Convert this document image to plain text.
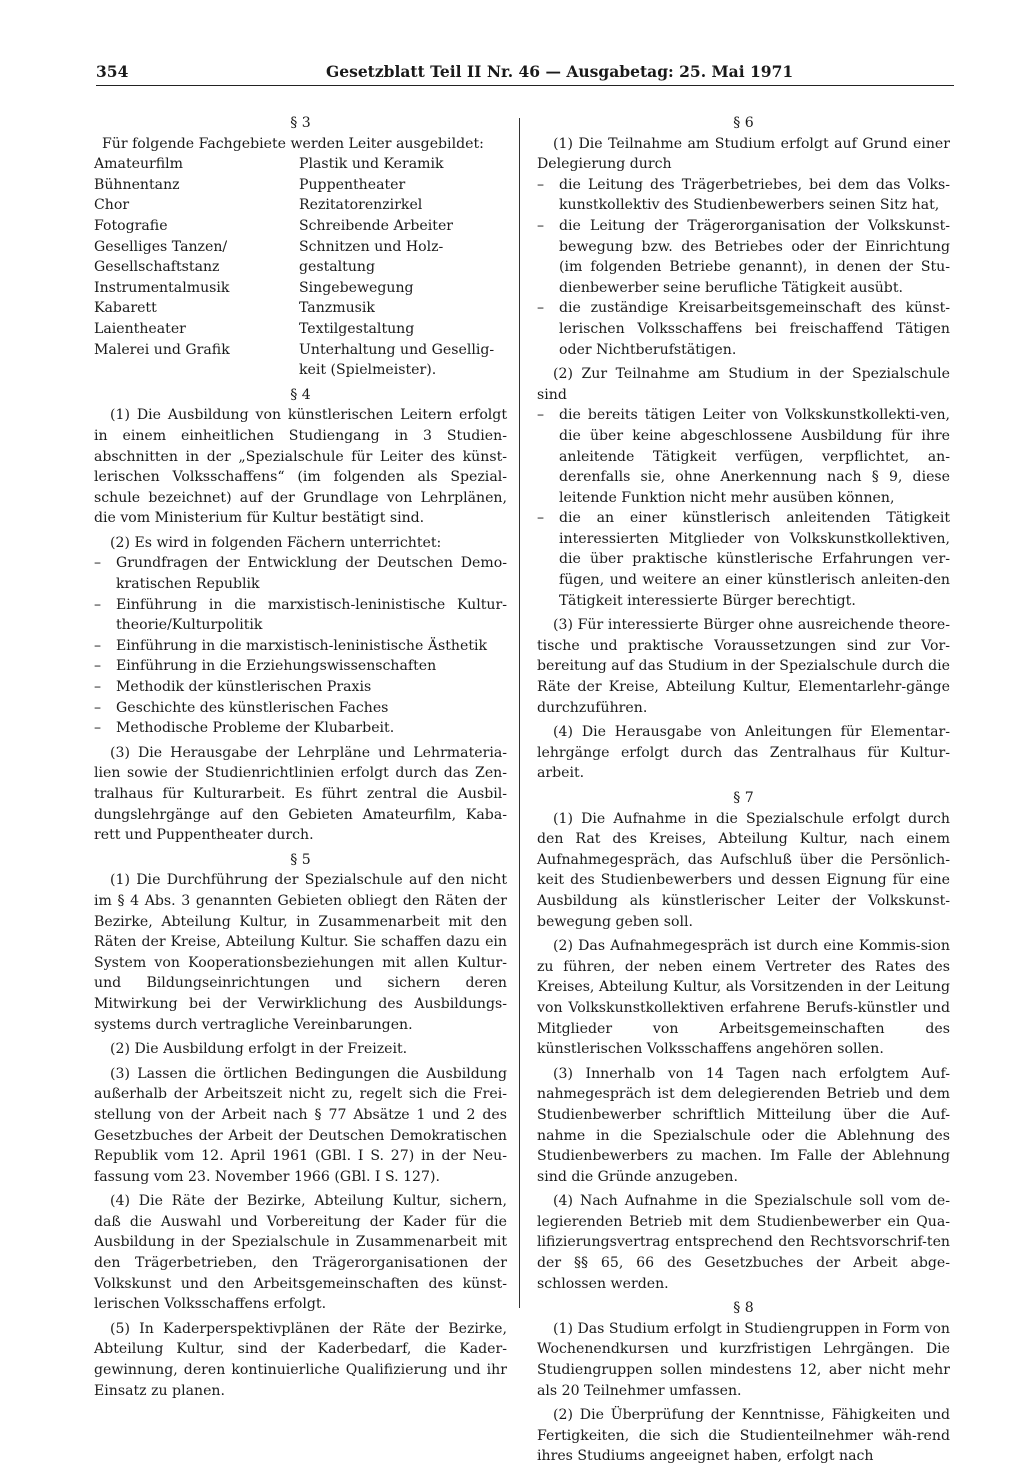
354	Gesetzblatt Teil II Nr. 46 — Ausgabetag: 25. Mai 1971

§ 3

Für folgende Fachgebiete werden Leiter ausgebildet:

Amateurfilm
Bühnentanz
Chor
Fotografie
Geselliges Tanzen/ Gesellschaftstanz
Instrumentalmusik
Kabarett
Laientheater
Malerei und Grafik
Plastik und Keramik
Puppentheater
Rezitatorenzirkel
Schreibende Arbeiter
Schnitzen und Holz-gestaltung
Singebewegung
Tanzmusik
Textilgestaltung
Unterhaltung und Gesellig-keit (Spielmeister).

§ 4

(1) Die Ausbildung von künstlerischen Leitern erfolgt in einem einheitlichen Studiengang in 3 Studien-abschnitten in der „Spezialschule für Leiter des künst-lerischen Volksschaffens“ (im folgenden als Spezial-schule bezeichnet) auf der Grundlage von Lehrplänen, die vom Ministerium für Kultur bestätigt sind.

(2) Es wird in folgenden Fächern unterrichtet:

– Grundfragen der Entwicklung der Deutschen Demo-kratischen Republik
– Einführung in die marxistisch-leninistische Kultur-theorie/Kulturpolitik
– Einführung in die marxistisch-leninistische Ästhetik
– Einführung in die Erziehungswissenschaften
– Methodik der künstlerischen Praxis
– Geschichte des künstlerischen Faches
– Methodische Probleme der Klubarbeit.

(3) Die Herausgabe der Lehrpläne und Lehrmateria-lien sowie der Studienrichtlinien erfolgt durch das Zen-tralhaus für Kulturarbeit. Es führt zentral die Ausbil-dungslehrgänge auf den Gebieten Amateurfilm, Kaba-rett und Puppentheater durch.

§ 5

(1) Die Durchführung der Spezialschule auf den nicht im § 4 Abs. 3 genannten Gebieten obliegt den Räten der Bezirke, Abteilung Kultur, in Zusammenarbeit mit den Räten der Kreise, Abteilung Kultur. Sie schaffen dazu ein System von Kooperationsbeziehungen mit allen Kultur- und Bildungseinrichtungen und sichern deren Mitwirkung bei der Verwirklichung des Ausbildungs-systems durch vertragliche Vereinbarungen.

(2) Die Ausbildung erfolgt in der Freizeit.

(3) Lassen die örtlichen Bedingungen die Ausbildung außerhalb der Arbeitszeit nicht zu, regelt sich die Frei-stellung von der Arbeit nach § 77 Absätze 1 und 2 des Gesetzbuches der Arbeit der Deutschen Demokratischen Republik vom 12. April 1961 (GBl. I S. 27) in der Neu-fassung vom 23. November 1966 (GBl. I S. 127).

(4) Die Räte der Bezirke, Abteilung Kultur, sichern, daß die Auswahl und Vorbereitung der Kader für die Ausbildung in der Spezialschule in Zusammenarbeit mit den Trägerbetrieben, den Trägerorganisationen der Volkskunst und den Arbeitsgemeinschaften des künst-lerischen Volksschaffens erfolgt.

(5) In Kaderperspektivplänen der Räte der Bezirke, Abteilung Kultur, sind der Kaderbedarf, die Kader-gewinnung, deren kontinuierliche Qualifizierung und ihr Einsatz zu planen.

§ 6

(1) Die Teilnahme am Studium erfolgt auf Grund einer Delegierung durch

– die Leitung des Trägerbetriebes, bei dem das Volks-kunstkollektiv des Studienbewerbers seinen Sitz hat,
– die Leitung der Trägerorganisation der Volkskunst-bewegung bzw. des Betriebes oder der Einrichtung (im folgenden Betriebe genannt), in denen der Stu-dienbewerber seine berufliche Tätigkeit ausübt.
– die zuständige Kreisarbeitsgemeinschaft des künst-lerischen Volksschaffens bei freischaffend Tätigen oder Nichtberufstätigen.

(2) Zur Teilnahme am Studium in der Spezialschule sind

– die bereits tätigen Leiter von Volkskunstkollekti-ven, die über keine abgeschlossene Ausbildung für ihre anleitende Tätigkeit verfügen, verpflichtet, an-derenfalls sie, ohne Anerkennung nach § 9, diese leitende Funktion nicht mehr ausüben können,
– die an einer künstlerisch anleitenden Tätigkeit interessierten Mitglieder von Volkskunstkollektiven, die über praktische künstlerische Erfahrungen ver-fügen, und weitere an einer künstlerisch anleiten-den Tätigkeit interessierte Bürger berechtigt.

(3) Für interessierte Bürger ohne ausreichende theore-tische und praktische Voraussetzungen sind zur Vor-bereitung auf das Studium in der Spezialschule durch die Räte der Kreise, Abteilung Kultur, Elementarlehr-gänge durchzuführen.

(4) Die Herausgabe von Anleitungen für Elementar-lehrgänge erfolgt durch das Zentralhaus für Kultur-arbeit.

§ 7

(1) Die Aufnahme in die Spezialschule erfolgt durch den Rat des Kreises, Abteilung Kultur, nach einem Aufnahmegespräch, das Aufschluß über die Persönlich-keit des Studienbewerbers und dessen Eignung für eine Ausbildung als künstlerischer Leiter der Volkskunst-bewegung geben soll.

(2) Das Aufnahmegespräch ist durch eine Kommis-sion zu führen, der neben einem Vertreter des Rates des Kreises, Abteilung Kultur, als Vorsitzenden in der Leitung von Volkskunstkollektiven erfahrene Berufs-künstler und Mitglieder von Arbeitsgemeinschaften des künstlerischen Volksschaffens angehören sollen.

(3) Innerhalb von 14 Tagen nach erfolgtem Auf-nahmegespräch ist dem delegierenden Betrieb und dem Studienbewerber schriftlich Mitteilung über die Auf-nahme in die Spezialschule oder die Ablehnung des Studienbewerbers zu machen. Im Falle der Ablehnung sind die Gründe anzugeben.

(4) Nach Aufnahme in die Spezialschule soll vom de-legierenden Betrieb mit dem Studienbewerber ein Qua-lifizierungsvertrag entsprechend den Rechtsvorschrif-ten der §§ 65, 66 des Gesetzbuches der Arbeit abge-schlossen werden.

§ 8

(1) Das Studium erfolgt in Studiengruppen in Form von Wochenendkursen und kurzfristigen Lehrgängen. Die Studiengruppen sollen mindestens 12, aber nicht mehr als 20 Teilnehmer umfassen.

(2) Die Überprüfung der Kenntnisse, Fähigkeiten und Fertigkeiten, die sich die Studienteilnehmer wäh-rend ihres Studiums angeeignet haben, erfolgt nach
